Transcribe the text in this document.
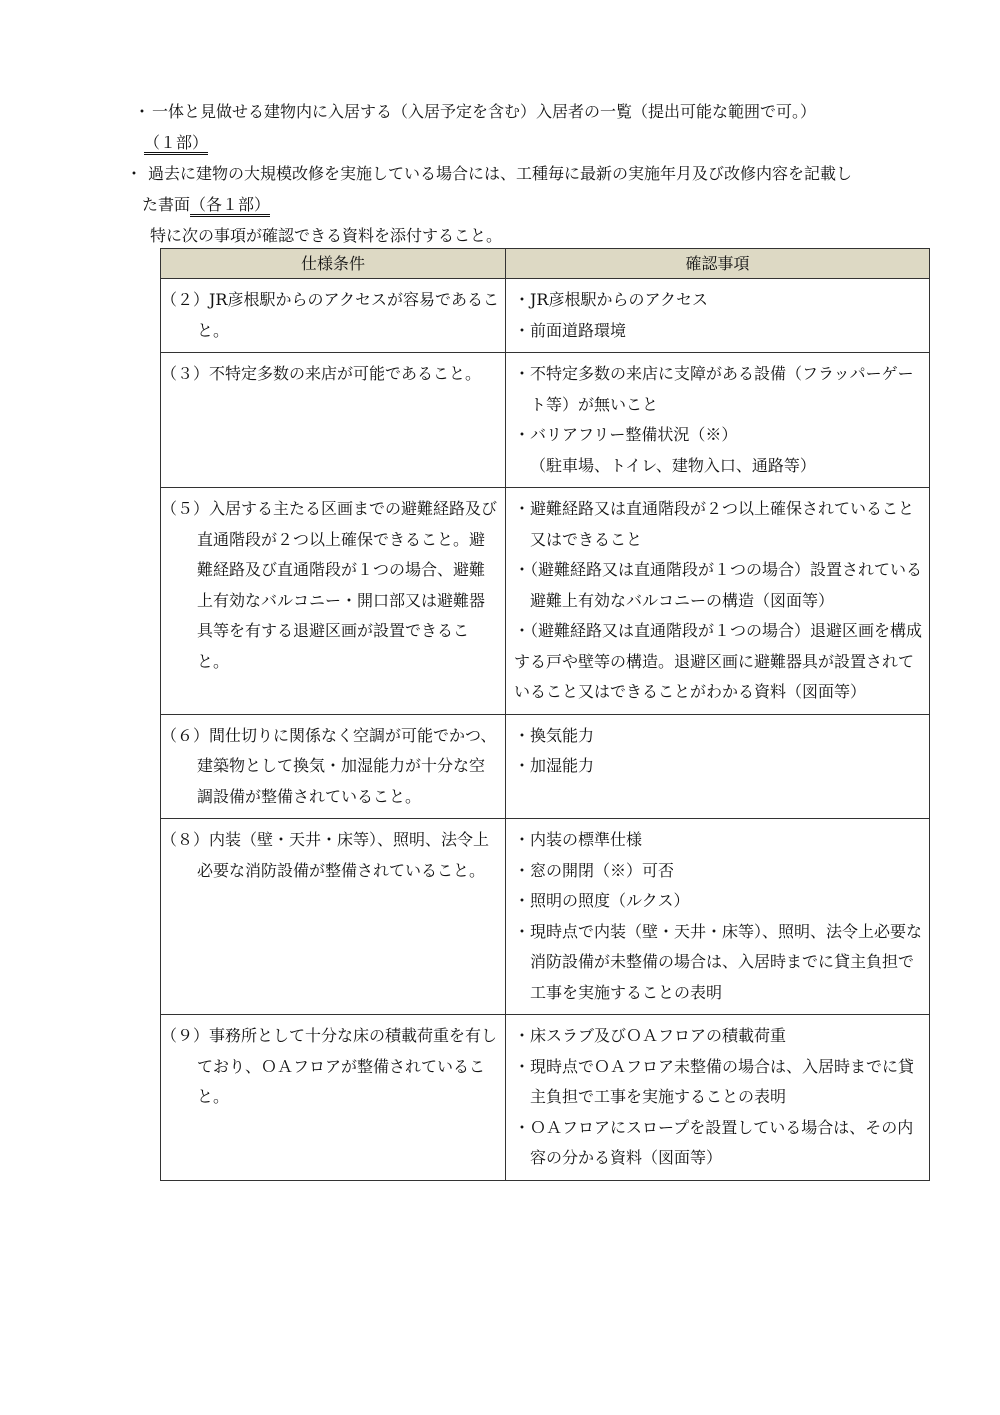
・ 一体と見做せる建物内に入居する（入居予定を含む）入居者の一覧（提出可能な範囲で可。）
（１部）
・ 過去に建物の大規模改修を実施している場合には、工種毎に最新の実施年月及び改修内容を記載し
た書面（各１部）
特に次の事項が確認できる資料を添付すること。
仕様条件	確認事項

（２）JR彦根駅からのアクセスが容易であること。	・JR彦根駅からのアクセス
・前面道路環境

（３）不特定多数の来店が可能であること。	・不特定多数の来店に支障がある設備（フラッパーゲート等）が無いこと
・バリアフリー整備状況（※）
（駐車場、トイレ、建物入口、通路等）

（５）入居する主たる区画までの避難経路及び直通階段が２つ以上確保できること。避難経路及び直通階段が１つの場合、避難上有効なバルコニー・開口部又は避難器具等を有する退避区画が設置できること。	・避難経路又は直通階段が２つ以上確保されていること又はできること
・（避難経路又は直通階段が１つの場合）設置されている避難上有効なバルコニーの構造（図面等）
・（避難経路又は直通階段が１つの場合）退避区画を構成する戸や壁等の構造。退避区画に避難器具が設置されていること又はできることがわかる資料（図面等）

（６）間仕切りに関係なく空調が可能でかつ、建築物として換気・加湿能力が十分な空調設備が整備されていること。	・換気能力
・加湿能力

（８）内装（壁・天井・床等）、照明、法令上必要な消防設備が整備されていること。	・内装の標準仕様
・窓の開閉（※）可否
・照明の照度（ルクス）
・現時点で内装（壁・天井・床等）、照明、法令上必要な消防設備が未整備の場合は、入居時までに貸主負担で工事を実施することの表明

（９）事務所として十分な床の積載荷重を有しており、ＯＡフロアが整備されていること。	・床スラブ及びＯＡフロアの積載荷重
・現時点でＯＡフロア未整備の場合は、入居時までに貸主負担で工事を実施することの表明
・ＯＡフロアにスロープを設置している場合は、その内容の分かる資料（図面等）
